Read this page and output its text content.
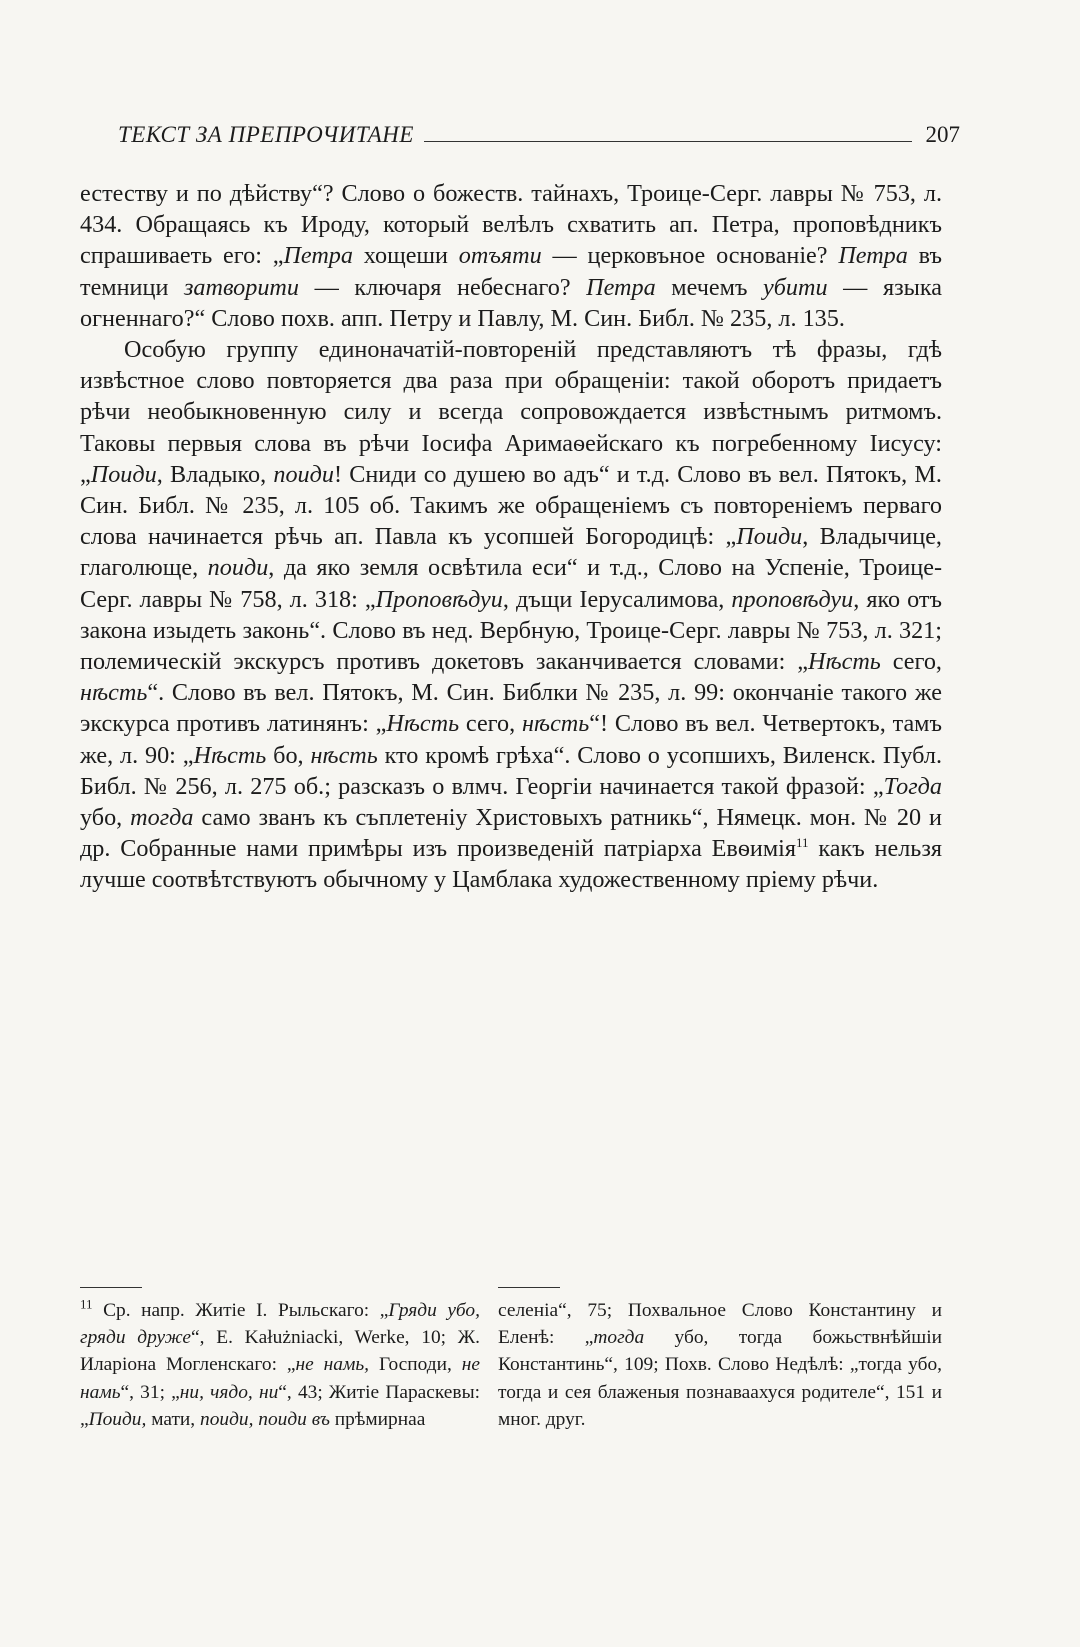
ТЕКСТ ЗА ПРЕПРОЧИТАНЕ	207

естеству и по дѣйству“? Слово о божеств. тайнахъ, Троице-Серг. лавры № 753, л. 434. Обращаясь къ Ироду, который велѣлъ схватить ап. Петра, проповѣдникъ спрашиваеть его: „Петра хощеши отъяти — церковъное основаніе? Петра въ темници затворити — ключаря небеснаго? Петра мечемъ убити — языка огненнаго?“ Слово похв. апп. Петру и Павлу, М. Син. Библ. № 235, л. 135.

Особую группу единоначатій-повтореній представляютъ тѣ фразы, гдѣ извѣстное слово повторяется два раза при обращеніи: такой оборотъ придаетъ рѣчи необыкновенную силу и всегда сопровождается извѣстнымъ ритмомъ. Таковы первыя слова въ рѣчи Іосифа Аримаѳейскаго къ погребенному Іисусу: „Поиди, Владыко, поиди! Сниди со душею во адъ“ и т.д. Слово въ вел. Пятокъ, М. Син. Библ. № 235, л. 105 об. Такимъ же обращеніемъ съ повтореніемъ перваго слова начинается рѣчь ап. Павла къ усопшей Богородицѣ: „Поиди, Владычице, глаголюще, поиди, да яко земля освѣтила еси“ и т.д., Слово на Успеніе, Троице-Серг. лавры № 758, л. 318: „Проповѣдуи, дъщи Іерусалимова, проповѣдуи, яко отъ закона изыдеть законь“. Слово въ нед. Вербную, Троице-Серг. лавры № 753, л. 321; полемическій экскурсъ противъ докетовъ заканчивается словами: „Нѣсть сего, нѣсть“. Слово въ вел. Пятокъ, М. Син. Библки № 235, л. 99: окончаніе такого же экскурса противъ латинянъ: „Нѣсть сего, нѣсть“! Слово въ вел. Четвертокъ, тамъ же, л. 90: „Нѣсть бо, нѣсть кто кромѣ грѣха“. Слово о усопшихъ, Виленск. Публ. Библ. № 256, л. 275 об.; разсказъ о влмч. Георгіи начинается такой фразой: „Тогда убо, тогда само званъ къ съплетеніу Христовыхъ ратникь“, Нямецк. мон. № 20 и др. Собранные нами примѣры изъ произведеній патріарха Евѳимія$^{11}$ какъ нельзя лучше соотвѣтствуютъ обычному у Цамблака художественному пріему рѣчи.

$^{11}$ Ср. напр. Житіе І. Рыльскаго: „Гряди убо, гряди друже“, E. Kałużniacki, Werke, 10; Ж. Иларіона Могленскаго: „не намь, Господи, не намь“, 31; „ни, чядо, ни“, 43; Житіе Параскевы: „Поиди, мати, поиди, поиди въ прѣмирнаа

селеніа“, 75; Похвальное Слово Константину и Еленѣ: „тогда убо, тогда божьствнѣйшіи Константинь“, 109; Похв. Слово Недѣлѣ: „тогда убо, тогда и сея блаженыя познаваахуся родителе“, 151 и мног. друг.
